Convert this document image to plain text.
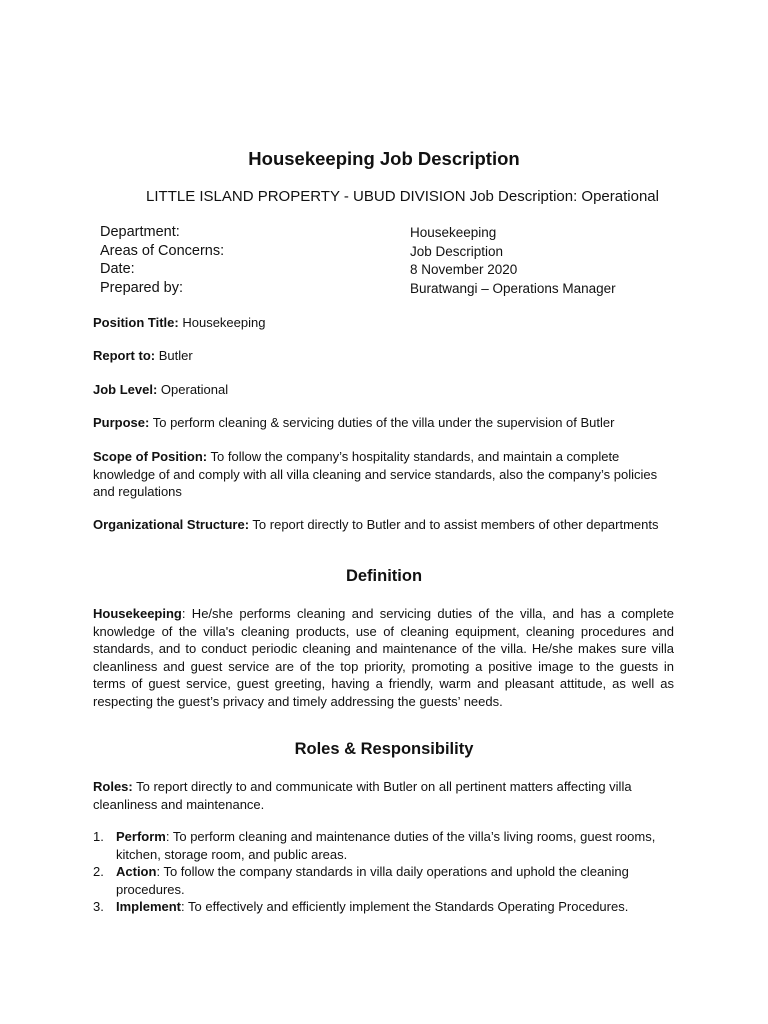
Housekeeping Job Description

LITTLE ISLAND PROPERTY - UBUD DIVISION Job Description: Operational

Department:	Housekeeping
Areas of Concerns:	Job Description
Date:	8 November 2020
Prepared by:	Buratwangi – Operations Manager

Position Title: Housekeeping

Report to: Butler

Job Level: Operational

Purpose: To perform cleaning & servicing duties of the villa under the supervision of Butler

Scope of Position: To follow the company’s hospitality standards, and maintain a complete knowledge of and comply with all villa cleaning and service standards, also the company’s policies and regulations

Organizational Structure: To report directly to Butler and to assist members of other departments

Definition

Housekeeping: He/she performs cleaning and servicing duties of the villa, and has a complete knowledge of the villa's cleaning products, use of cleaning equipment, cleaning procedures and standards, and to conduct periodic cleaning and maintenance of the villa. He/she makes sure villa cleanliness and guest service are of the top priority, promoting a positive image to the guests in terms of guest service, guest greeting, having a friendly, warm and pleasant attitude, as well as respecting the guest’s privacy and timely addressing the guests’ needs.

Roles & Responsibility

Roles: To report directly to and communicate with Butler on all pertinent matters affecting villa cleanliness and maintenance.

1. Perform: To perform cleaning and maintenance duties of the villa’s living rooms, guest rooms, kitchen, storage room, and public areas.
2. Action: To follow the company standards in villa daily operations and uphold the cleaning procedures.
3. Implement: To effectively and efficiently implement the Standards Operating Procedures.
